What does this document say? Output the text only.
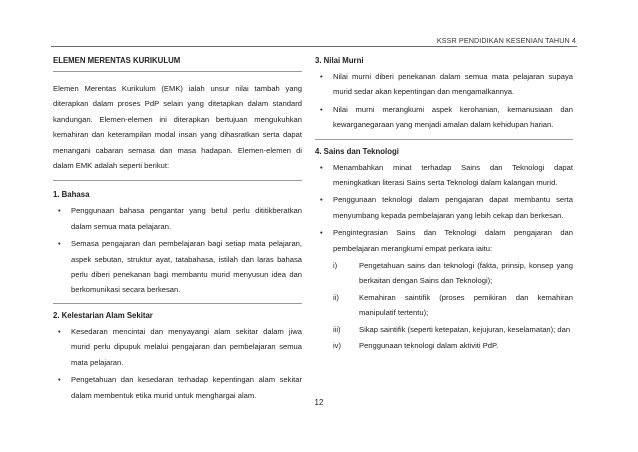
KSSR PENDIDIKAN KESENIAN TAHUN 4
ELEMEN MERENTAS KURIKULUM

Elemen Merentas Kurikulum (EMK) ialah unsur nilai tambah yang diterapkan dalam proses PdP selain yang ditetapkan dalam standard kandungan. Elemen-elemen ini diterapkan bertujuan mengukuhkan kemahiran dan keterampilan modal insan yang dihasratkan serta dapat menangani cabaran semasa dan masa hadapan. Elemen-elemen di dalam EMK adalah seperti berikut:

1. Bahasa
• Penggunaan bahasa pengantar yang betul perlu dititikberatkan dalam semua mata pelajaran.
• Semasa pengajaran dan pembelajaran bagi setiap mata pelajaran, aspek sebutan, struktur ayat, tatabahasa, istilah dan laras bahasa perlu diberi penekanan bagi membantu murid menyusun idea dan berkomunikasi secara berkesan.
2. Kelestarian Alam Sekitar
• Kesedaran mencintai dan menyayangi alam sekitar dalam jiwa murid perlu dipupuk melalui pengajaran dan pembelajaran semua mata pelajaran.
• Pengetahuan dan kesedaran terhadap kepentingan alam sekitar dalam membentuk etika murid untuk menghargai alam.
3. Nilai Murni
• Nilai murni diberi penekanan dalam semua mata pelajaran supaya murid sedar akan kepentingan dan mengamalkannya.
• Nilai murni merangkumi aspek kerohanian, kemanusiaan dan kewarganegaraan yang menjadi amalan dalam kehidupan harian.
4. Sains dan Teknologi
• Menambahkan minat terhadap Sains dan Teknologi dapat meningkatkan literasi Sains serta Teknologi dalam kalangan murid.
• Penggunaan teknologi dalam pengajaran dapat membantu serta menyumbang kepada pembelajaran yang lebih cekap dan berkesan.
• Pengintegrasian Sains dan Teknologi dalam pengajaran dan pembelajaran merangkumi empat perkara iaitu:
i)	Pengetahuan sains dan teknologi (fakta, prinsip, konsep yang berkaitan dengan Sains dan Teknologi);
ii)	Kemahiran saintifik (proses pemikiran dan kemahiran manipulatif tertentu);
iii) Sikap saintifik (seperti ketepatan, kejujuran, keselamatan); dan
iv) Penggunaan teknologi dalam aktiviti PdP.
12
